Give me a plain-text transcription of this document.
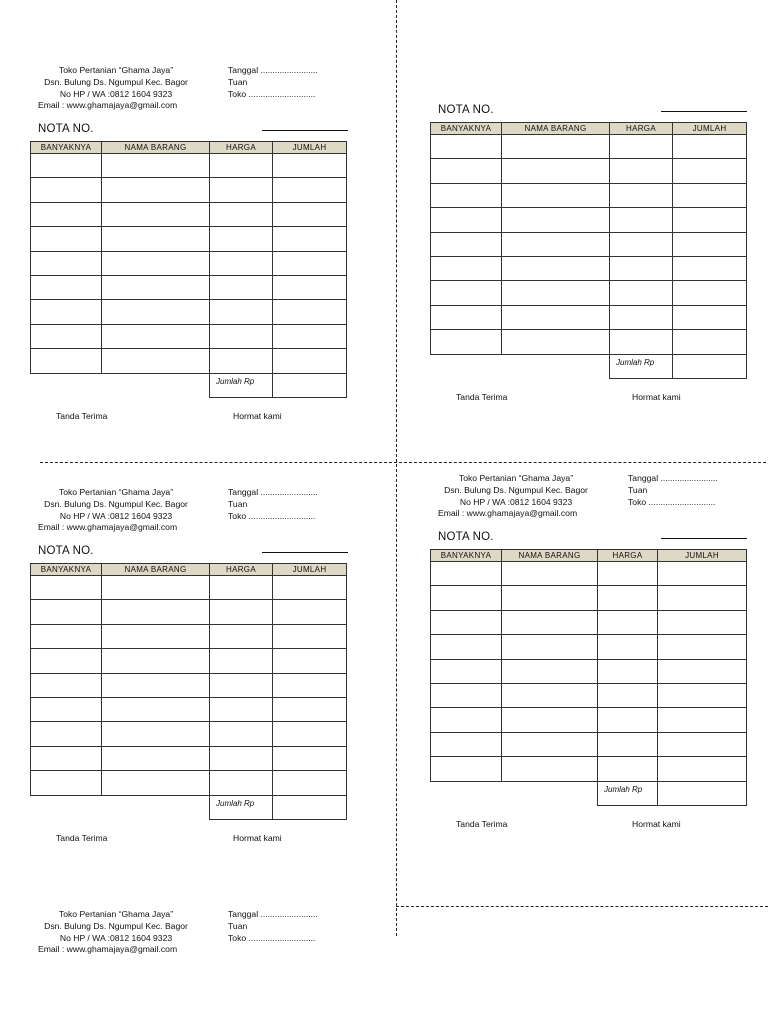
Toko Pertanian “Ghama Jaya”
Dsn. Bulung Ds. Ngumpul Kec. Bagor
No HP / WA :0812 1604 9323
Email : www.ghamajaya@gmail.com
Tanggal ........................
Tuan
Toko ............................
NOTA NO.
BANYAKNYA	NAMA BARANG	HARGA	JUMLAH

		Jumlah Rp	
Tanda Terima	Hormat kami
NOTA NO.
BANYAKNYA	NAMA BARANG	HARGA	JUMLAH

		Jumlah Rp	
Tanda Terima	Hormat kami
Toko Pertanian “Ghama Jaya”
Dsn. Bulung Ds. Ngumpul Kec. Bagor
No HP / WA :0812 1604 9323
Email : www.ghamajaya@gmail.com
Tanggal ........................
Tuan
Toko ............................
NOTA NO.
BANYAKNYA	NAMA BARANG	HARGA	JUMLAH

		Jumlah Rp	
Tanda Terima	Hormat kami
Toko Pertanian “Ghama Jaya”
Dsn. Bulung Ds. Ngumpul Kec. Bagor
No HP / WA :0812 1604 9323
Email : www.ghamajaya@gmail.com
Tanggal ........................
Tuan
Toko ............................
NOTA NO.
BANYAKNYA	NAMA BARANG	HARGA	JUMLAH

		Jumlah Rp	
Tanda Terima	Hormat kami
Toko Pertanian “Ghama Jaya”
Dsn. Bulung Ds. Ngumpul Kec. Bagor
No HP / WA :0812 1604 9323
Email : www.ghamajaya@gmail.com
Tanggal ........................
Tuan
Toko ............................
